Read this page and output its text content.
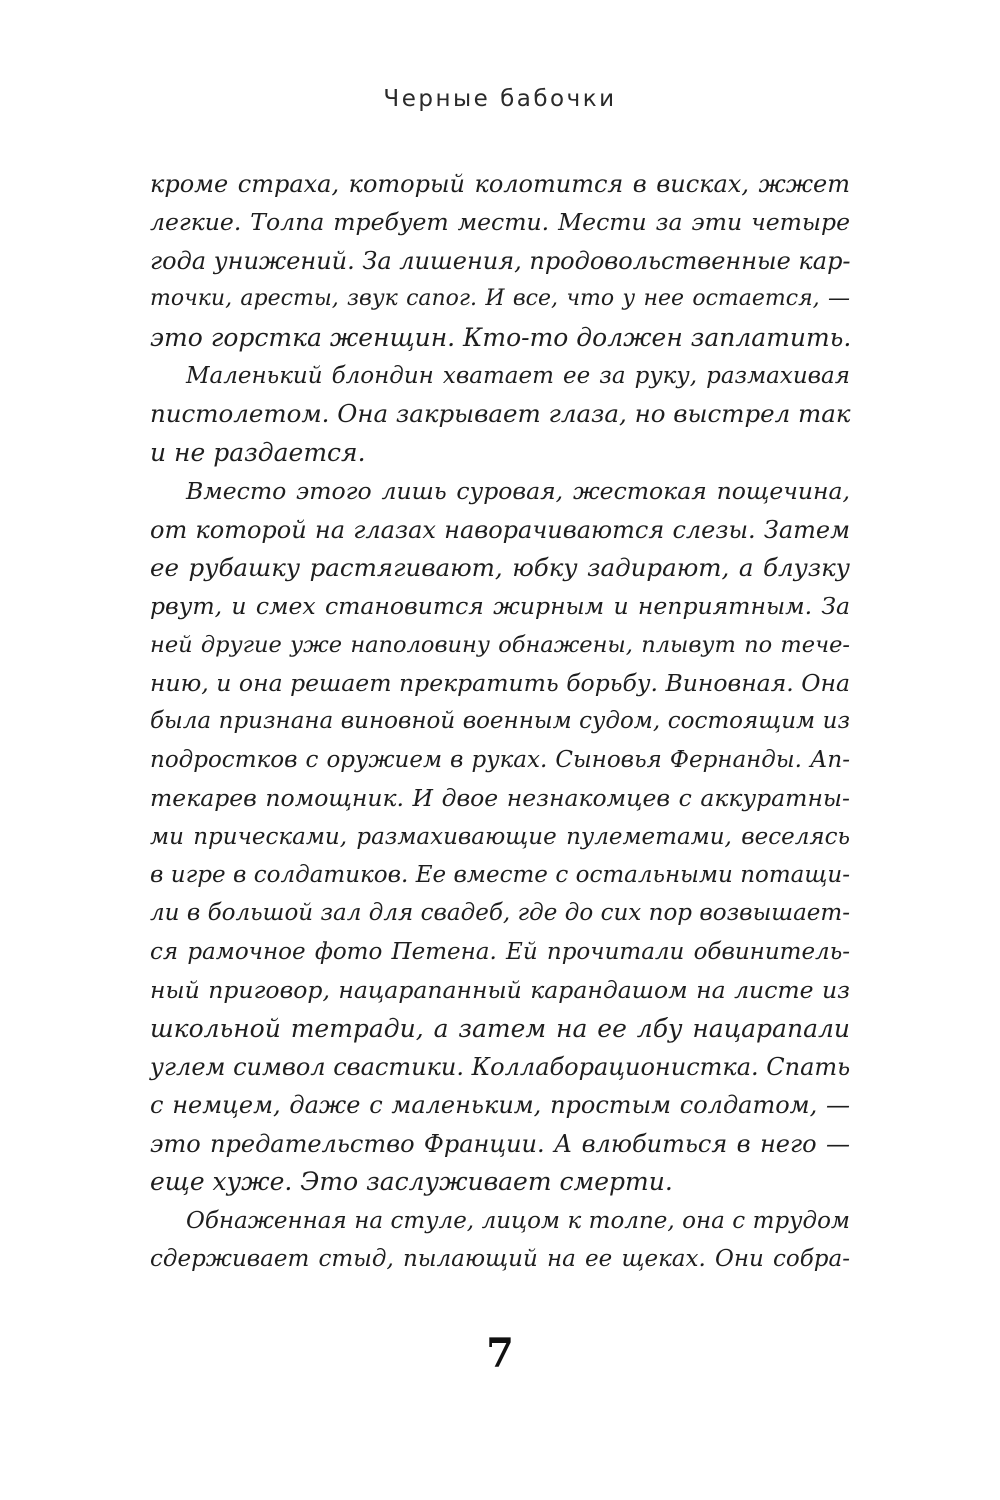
Черные бабочки
кроме страха, который колотится в висках, жжет
легкие. Толпа требует мести. Мести за эти четыре
года унижений. За лишения, продовольственные кар-
точки, аресты, звук сапог. И все, что у нее остается, —
это горстка женщин. Кто-то должен заплатить.
Маленький блондин хватает ее за руку, размахивая
пистолетом. Она закрывает глаза, но выстрел так
и не раздается.
Вместо этого лишь суровая, жестокая пощечина,
от которой на глазах наворачиваются слезы. Затем
ее рубашку растягивают, юбку задирают, а блузку
рвут, и смех становится жирным и неприятным. За
ней другие уже наполовину обнажены, плывут по тече-
нию, и она решает прекратить борьбу. Виновная. Она
была признана виновной военным судом, состоящим из
подростков с оружием в руках. Сыновья Фернанды. Ап-
текарев помощник. И двое незнакомцев с аккуратны-
ми прическами, размахивающие пулеметами, веселясь
в игре в солдатиков. Ее вместе с остальными потащи-
ли в большой зал для свадеб, где до сих пор возвышает-
ся рамочное фото Петена. Ей прочитали обвинитель-
ный приговор, нацарапанный карандашом на листе из
школьной тетради, а затем на ее лбу нацарапали
углем символ свастики. Коллаборационистка. Спать
с немцем, даже с маленьким, простым солдатом, —
это предательство Франции. А влюбиться в него —
еще хуже. Это заслуживает смерти.
Обнаженная на стуле, лицом к толпе, она с трудом
сдерживает стыд, пылающий на ее щеках. Они собра-
7
